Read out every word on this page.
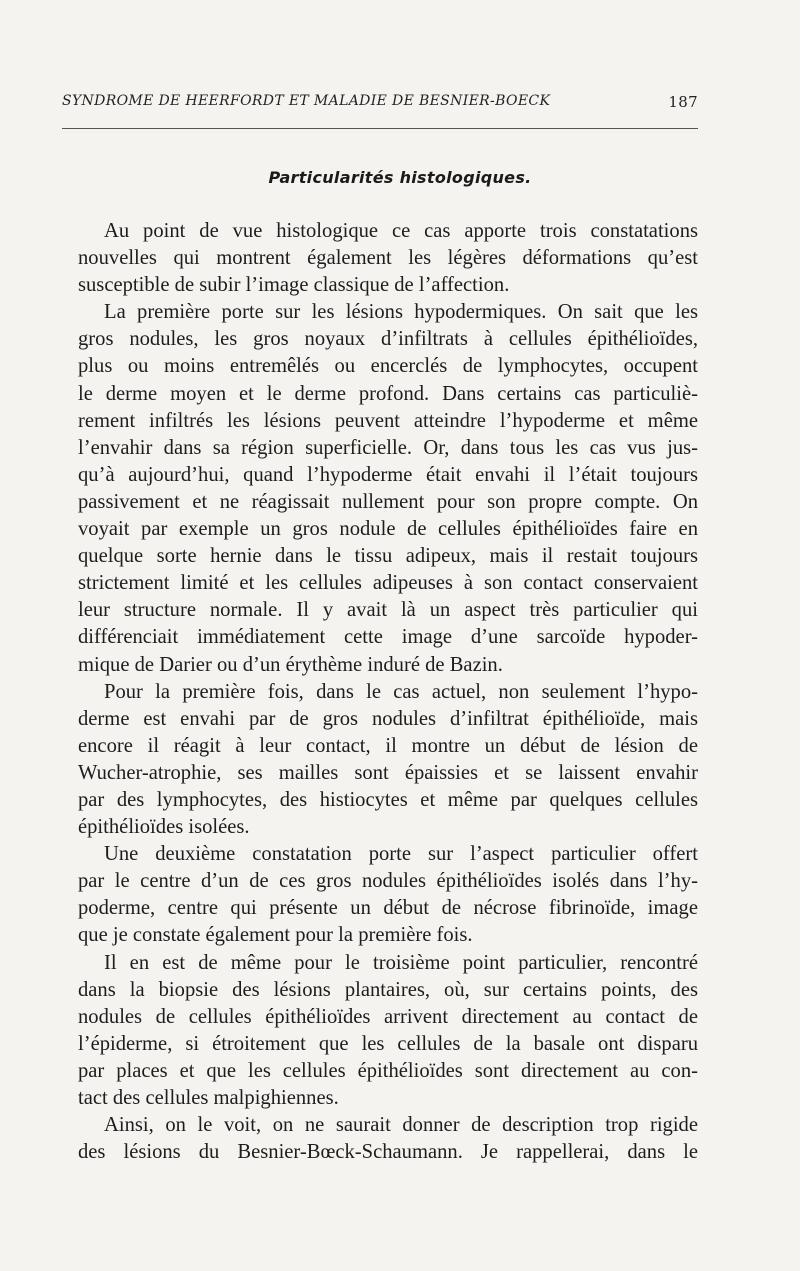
SYNDROME DE HEERFORDT ET MALADIE DE BESNIER-BOECK	187
Particularités histologiques.
Au point de vue histologique ce cas apporte trois constatations
nouvelles qui montrent également les légères déformations qu’est
susceptible de subir l’image classique de l’affection.
La première porte sur les lésions hypodermiques. On sait que les
gros nodules, les gros noyaux d’infiltrats à cellules épithélioïdes,
plus ou moins entremêlés ou encerclés de lymphocytes, occupent
le derme moyen et le derme profond. Dans certains cas particuliè-
rement infiltrés les lésions peuvent atteindre l’hypoderme et même
l’envahir dans sa région superficielle. Or, dans tous les cas vus jus-
qu’à aujourd’hui, quand l’hypoderme était envahi il l’était toujours
passivement et ne réagissait nullement pour son propre compte. On
voyait par exemple un gros nodule de cellules épithélioïdes faire en
quelque sorte hernie dans le tissu adipeux, mais il restait toujours
strictement limité et les cellules adipeuses à son contact conservaient
leur structure normale. Il y avait là un aspect très particulier qui
différenciait immédiatement cette image d’une sarcoïde hypoder-
mique de Darier ou d’un érythème induré de Bazin.
Pour la première fois, dans le cas actuel, non seulement l’hypo-
derme est envahi par de gros nodules d’infiltrat épithélioïde, mais
encore il réagit à leur contact, il montre un début de lésion de
Wucher-atrophie, ses mailles sont épaissies et se laissent envahir
par des lymphocytes, des histiocytes et même par quelques cellules
épithélioïdes isolées.
Une deuxième constatation porte sur l’aspect particulier offert
par le centre d’un de ces gros nodules épithélioïdes isolés dans l’hy-
poderme, centre qui présente un début de nécrose fibrinoïde, image
que je constate également pour la première fois.
Il en est de même pour le troisième point particulier, rencontré
dans la biopsie des lésions plantaires, où, sur certains points, des
nodules de cellules épithélioïdes arrivent directement au contact de
l’épiderme, si étroitement que les cellules de la basale ont disparu
par places et que les cellules épithélioïdes sont directement au con-
tact des cellules malpighiennes.
Ainsi, on le voit, on ne saurait donner de description trop rigide
des lésions du Besnier-Bœck-Schaumann. Je rappellerai, dans le
